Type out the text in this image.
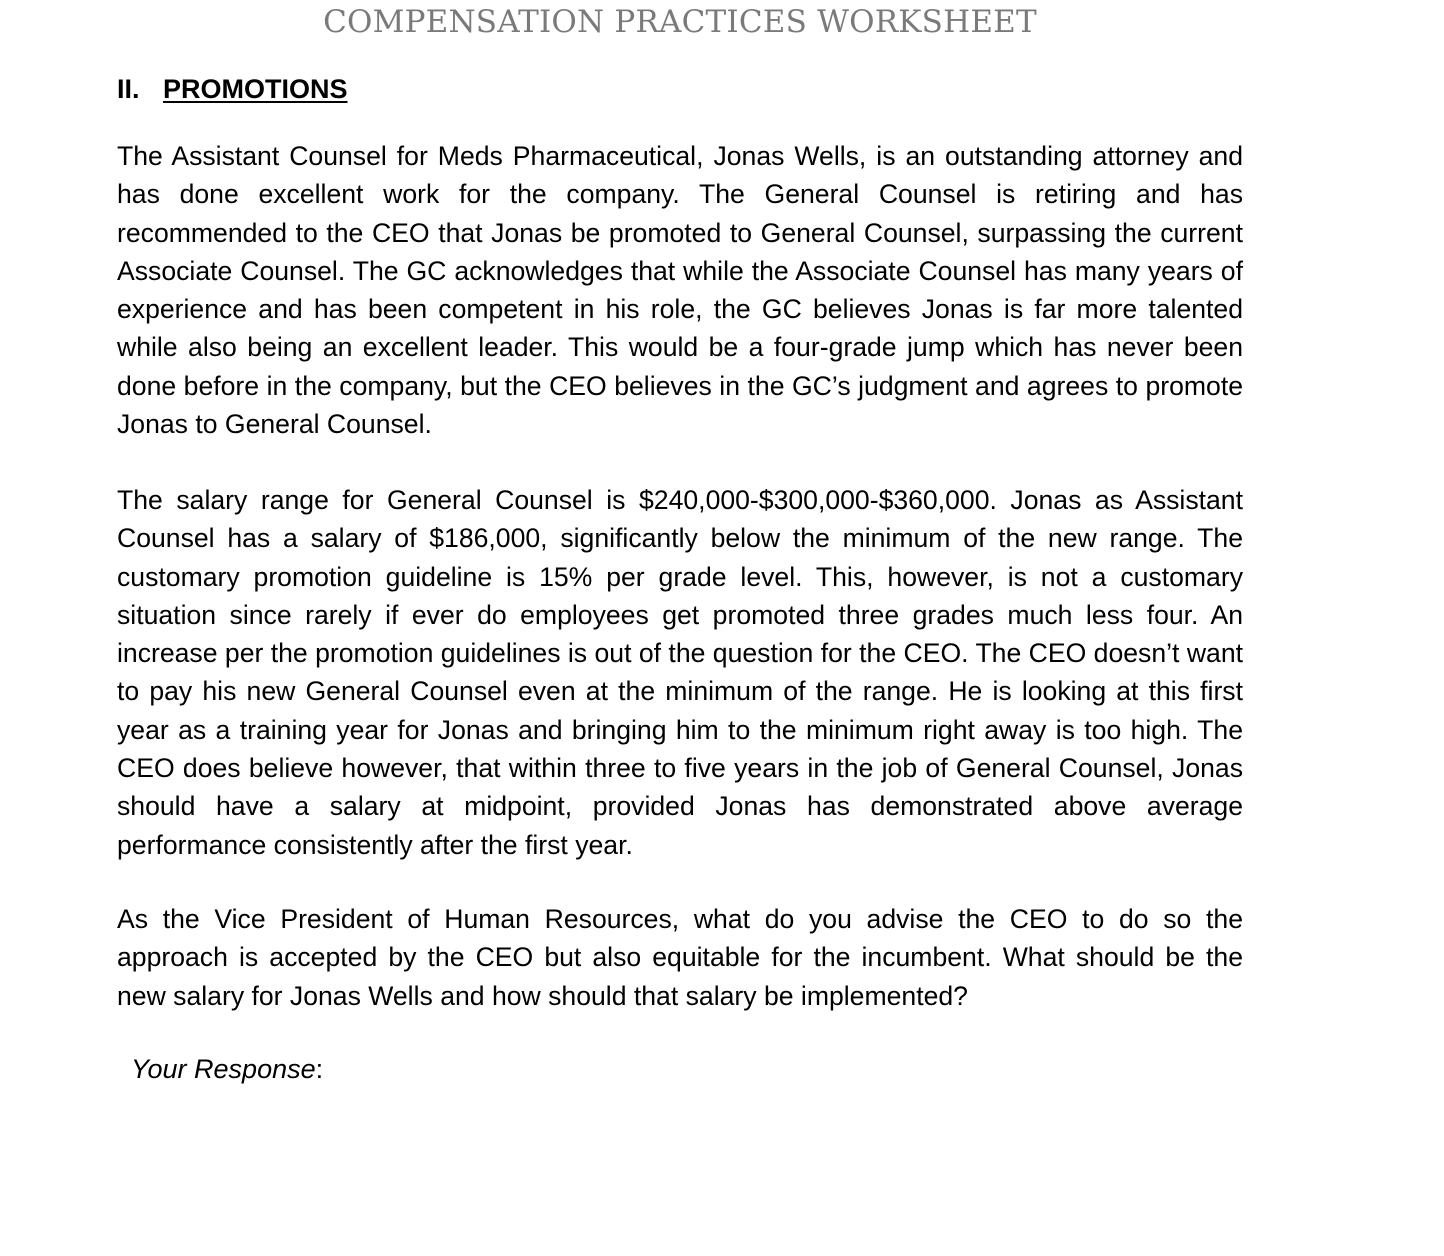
COMPENSATION PRACTICES WORKSHEET
II. PROMOTIONS

The Assistant Counsel for Meds Pharmaceutical, Jonas Wells, is an outstanding attorney and has done excellent work for the company. The General Counsel is retiring and has recommended to the CEO that Jonas be promoted to General Counsel, surpassing the current Associate Counsel. The GC acknowledges that while the Associate Counsel has many years of experience and has been competent in his role, the GC believes Jonas is far more talented while also being an excellent leader. This would be a four-grade jump which has never been done before in the company, but the CEO believes in the GC’s judgment and agrees to promote Jonas to General Counsel.

The salary range for General Counsel is $240,000-$300,000-$360,000. Jonas as Assistant Counsel has a salary of $186,000, significantly below the minimum of the new range. The customary promotion guideline is 15% per grade level. This, however, is not a customary situation since rarely if ever do employees get promoted three grades much less four. An increase per the promotion guidelines is out of the question for the CEO. The CEO doesn’t want to pay his new General Counsel even at the minimum of the range. He is looking at this first year as a training year for Jonas and bringing him to the minimum right away is too high. The CEO does believe however, that within three to five years in the job of General Counsel, Jonas should have a salary at midpoint, provided Jonas has demonstrated above average performance consistently after the first year.

As the Vice President of Human Resources, what do you advise the CEO to do so the approach is accepted by the CEO but also equitable for the incumbent. What should be the new salary for Jonas Wells and how should that salary be implemented?

Your Response:
